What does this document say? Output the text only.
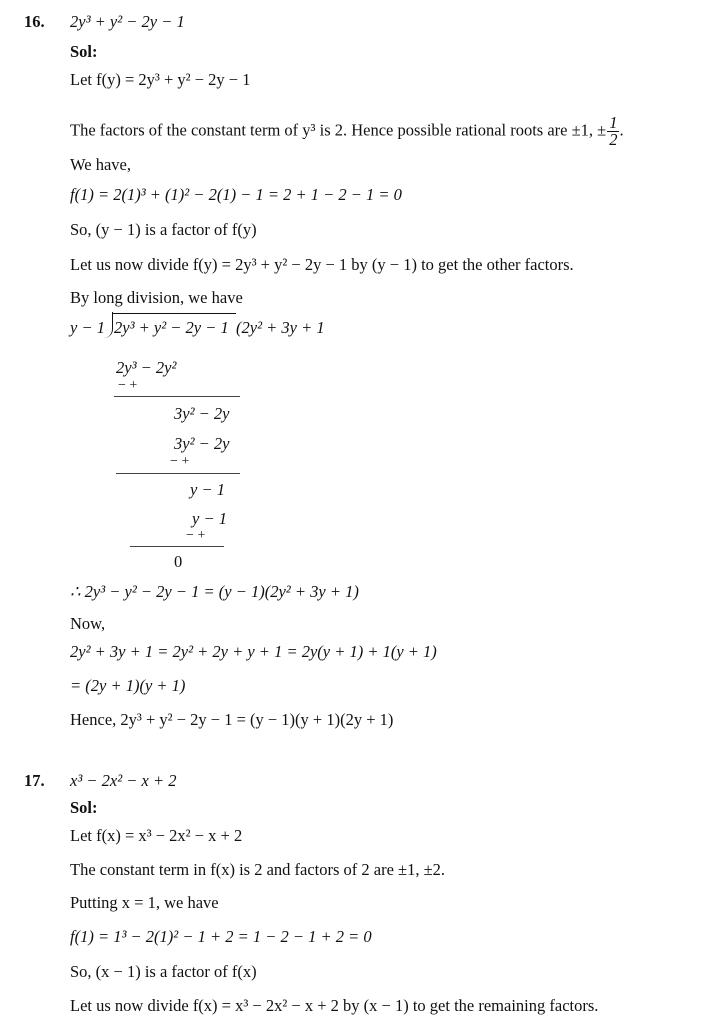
16. 2y³ + y² − 2y − 1
Sol:
Let f(y) = 2y³ + y² − 2y − 1
The factors of the constant term of y³ is 2. Hence possible rational roots are ±1, ± $\frac{1}{2}$ .
We have,
f(1) = 2(1)³ + (1)² − 2(1) − 1 = 2 + 1 − 2 − 1 = 0
So, (y − 1) is a factor of f(y)
Let us now divide f(y) = 2y³ + y² − 2y − 1 by (y − 1) to get the other factors.
By long division, we have
y − 1 2y³ + y² − 2y − 1 (2y² + 3y + 1
2y³ − 2y²
− +
3y² − 2y
3y² − 2y
− +
y − 1
y − 1
− +
0
∴ 2y³ − y² − 2y − 1 = (y − 1)(2y² + 3y + 1)
Now,
2y² + 3y + 1 = 2y² + 2y + y + 1 = 2y(y + 1) + 1(y + 1)
= (2y + 1)(y + 1)
Hence, 2y³ + y² − 2y − 1 = (y − 1)(y + 1)(2y + 1)
17. x³ − 2x² − x + 2
Sol:
Let f(x) = x³ − 2x² − x + 2
The constant term in f(x) is 2 and factors of 2 are ±1, ±2.
Putting x = 1, we have
f(1) = 1³ − 2(1)² − 1 + 2 = 1 − 2 − 1 + 2 = 0
So, (x − 1) is a factor of f(x)
Let us now divide f(x) = x³ − 2x² − x + 2 by (x − 1) to get the remaining factors.
